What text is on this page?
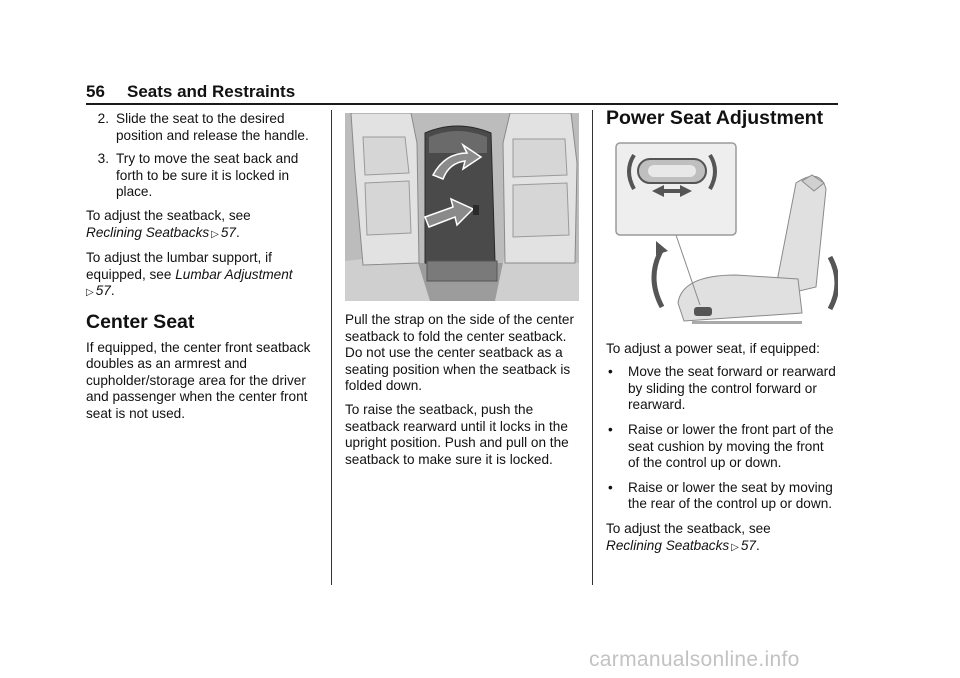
56 Seats and Restraints
2. Slide the seat to the desired position and release the handle.
3. Try to move the seat back and forth to be sure it is locked in place.

To adjust the seatback, see
Reclining Seatbacks ▷ 57.

To adjust the lumbar support, if equipped, see Lumbar Adjustment
▷ 57.

Center Seat

If equipped, the center front seatback doubles as an armrest and cupholder/storage area for the driver and passenger when the center front seat is not used.

Pull the strap on the side of the center seatback to fold the center seatback. Do not use the center seatback as a seating position when the seatback is folded down.

To raise the seatback, push the seatback rearward until it locks in the upright position. Push and pull on the seatback to make sure it is locked.

Power Seat Adjustment

To adjust a power seat, if equipped:

•	Move the seat forward or rearward by sliding the control forward or rearward.
•	Raise or lower the front part of the seat cushion by moving the front of the control up or down.
•	Raise or lower the seat by moving the rear of the control up or down.

To adjust the seatback, see
Reclining Seatbacks ▷ 57.

carmanualsonline.info
